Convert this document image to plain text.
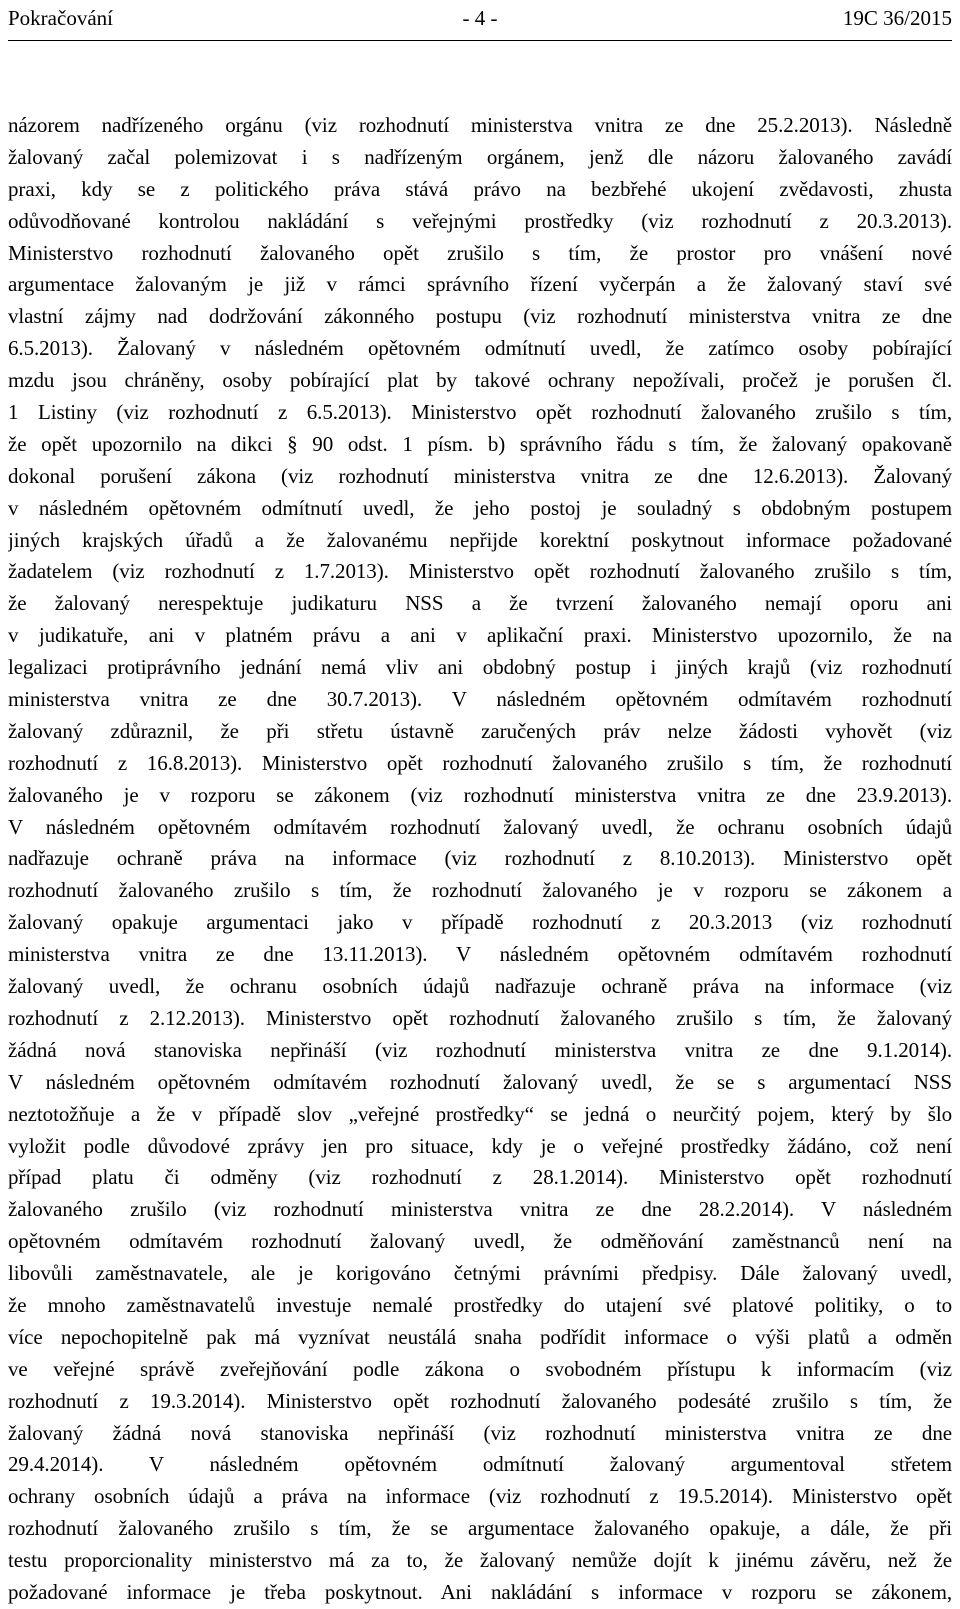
Pokračování	- 4 -	19C 36/2015
názorem nadřízeného orgánu (viz rozhodnutí ministerstva vnitra ze dne 25.2.2013). Následně
žalovaný začal polemizovat i s nadřízeným orgánem, jenž dle názoru žalovaného zavádí
praxi, kdy se z politického práva stává právo na bezbřehé ukojení zvědavosti, zhusta
odůvodňované kontrolou nakládání s veřejnými prostředky (viz rozhodnutí z 20.3.2013).
Ministerstvo rozhodnutí žalovaného opět zrušilo s tím, že prostor pro vnášení nové
argumentace žalovaným je již v rámci správního řízení vyčerpán a že žalovaný staví své
vlastní zájmy nad dodržování zákonného postupu (viz rozhodnutí ministerstva vnitra ze dne
6.5.2013). Žalovaný v následném opětovném odmítnutí uvedl, že zatímco osoby pobírající
mzdu jsou chráněny, osoby pobírající plat by takové ochrany nepožívali, pročež je porušen čl.
1 Listiny (viz rozhodnutí z 6.5.2013). Ministerstvo opět rozhodnutí žalovaného zrušilo s tím,
že opět upozornilo na dikci § 90 odst. 1 písm. b) správního řádu s tím, že žalovaný opakovaně
dokonal porušení zákona (viz rozhodnutí ministerstva vnitra ze dne 12.6.2013). Žalovaný
v následném opětovném odmítnutí uvedl, že jeho postoj je souladný s obdobným postupem
jiných krajských úřadů a že žalovanému nepřijde korektní poskytnout informace požadované
žadatelem (viz rozhodnutí z 1.7.2013). Ministerstvo opět rozhodnutí žalovaného zrušilo s tím,
že žalovaný nerespektuje judikaturu NSS a že tvrzení žalovaného nemají oporu ani
v judikatuře, ani v platném právu a ani v aplikační praxi. Ministerstvo upozornilo, že na
legalizaci protiprávního jednání nemá vliv ani obdobný postup i jiných krajů (viz rozhodnutí
ministerstva vnitra ze dne 30.7.2013). V následném opětovném odmítavém rozhodnutí
žalovaný zdůraznil, že při střetu ústavně zaručených práv nelze žádosti vyhovět (viz
rozhodnutí z 16.8.2013). Ministerstvo opět rozhodnutí žalovaného zrušilo s tím, že rozhodnutí
žalovaného je v rozporu se zákonem (viz rozhodnutí ministerstva vnitra ze dne 23.9.2013).
V následném opětovném odmítavém rozhodnutí žalovaný uvedl, že ochranu osobních údajů
nadřazuje ochraně práva na informace (viz rozhodnutí z 8.10.2013). Ministerstvo opět
rozhodnutí žalovaného zrušilo s tím, že rozhodnutí žalovaného je v rozporu se zákonem a
žalovaný opakuje argumentaci jako v případě rozhodnutí z 20.3.2013 (viz rozhodnutí
ministerstva vnitra ze dne 13.11.2013). V následném opětovném odmítavém rozhodnutí
žalovaný uvedl, že ochranu osobních údajů nadřazuje ochraně práva na informace (viz
rozhodnutí z 2.12.2013). Ministerstvo opět rozhodnutí žalovaného zrušilo s tím, že žalovaný
žádná nová stanoviska nepřináší (viz rozhodnutí ministerstva vnitra ze dne 9.1.2014).
V následném opětovném odmítavém rozhodnutí žalovaný uvedl, že se s argumentací NSS
neztotožňuje a že v případě slov „veřejné prostředky“ se jedná o neurčitý pojem, který by šlo
vyložit podle důvodové zprávy jen pro situace, kdy je o veřejné prostředky žádáno, což není
případ platu či odměny (viz rozhodnutí z 28.1.2014). Ministerstvo opět rozhodnutí
žalovaného zrušilo (viz rozhodnutí ministerstva vnitra ze dne 28.2.2014). V následném
opětovném odmítavém rozhodnutí žalovaný uvedl, že odměňování zaměstnanců není na
libovůli zaměstnavatele, ale je korigováno četnými právními předpisy. Dále žalovaný uvedl,
že mnoho zaměstnavatelů investuje nemalé prostředky do utajení své platové politiky, o to
více nepochopitelně pak má vyznívat neustálá snaha podřídit informace o výši platů a odměn
ve veřejné správě zveřejňování podle zákona o svobodném přístupu k informacím (viz
rozhodnutí z 19.3.2014). Ministerstvo opět rozhodnutí žalovaného podesáté zrušilo s tím, že
žalovaný žádná nová stanoviska nepřináší (viz rozhodnutí ministerstva vnitra ze dne
29.4.2014). V následném opětovném odmítnutí žalovaný argumentoval střetem
ochrany osobních údajů a práva na informace (viz rozhodnutí z 19.5.2014). Ministerstvo opět
rozhodnutí žalovaného zrušilo s tím, že se argumentace žalovaného opakuje, a dále, že při
testu proporcionality ministerstvo má za to, že žalovaný nemůže dojít k jinému závěru, než že
požadované informace je třeba poskytnout. Ani nakládání s informace v rozporu se zákonem,
